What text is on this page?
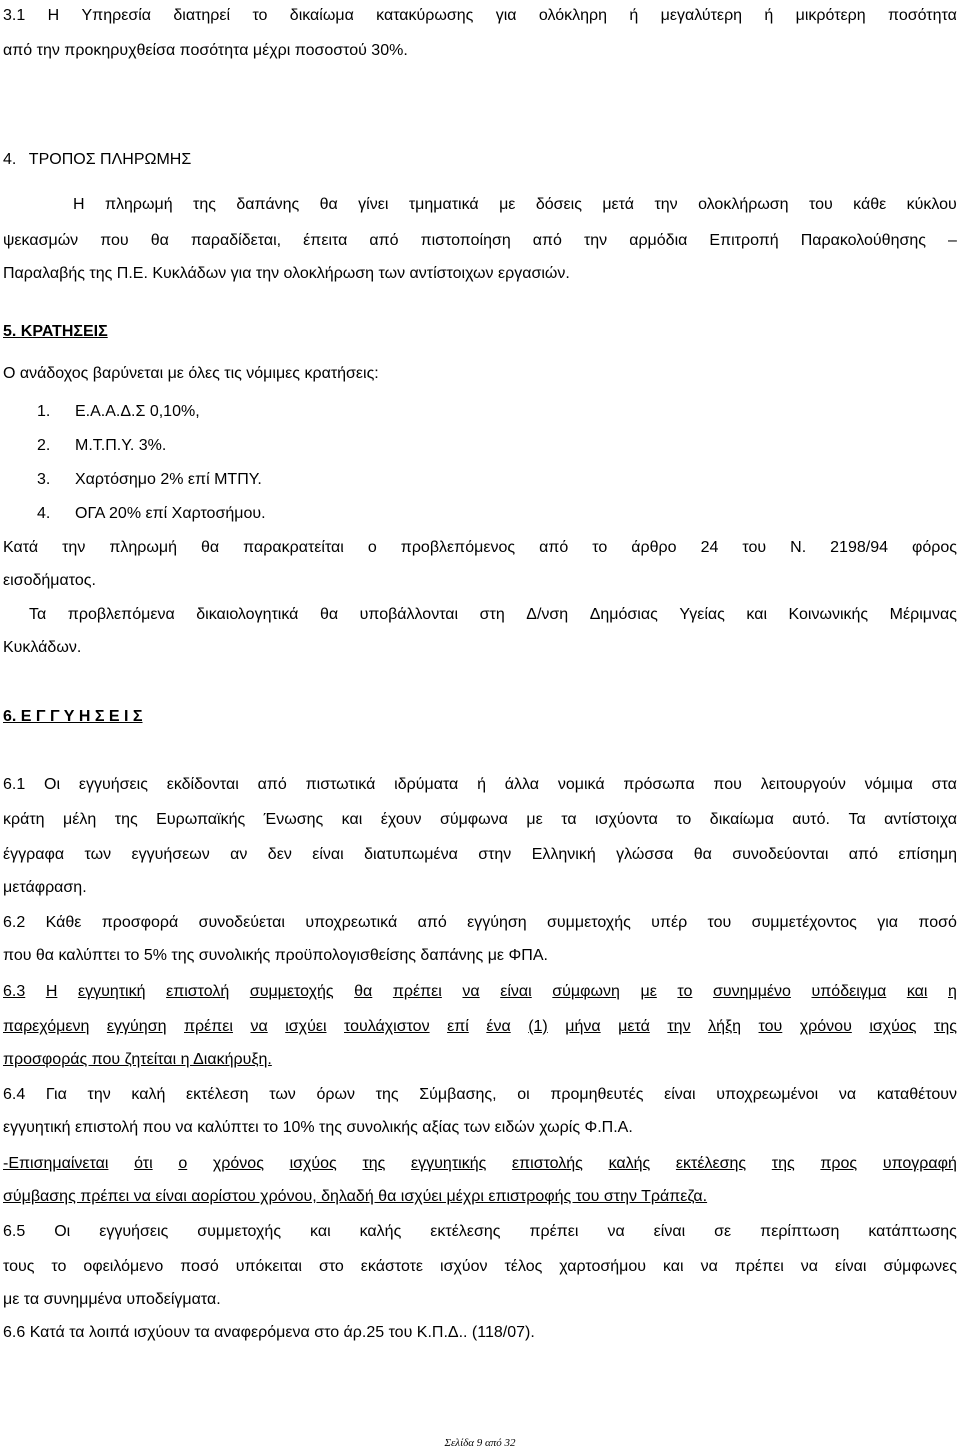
3.1 Η Υπηρεσία διατηρεί το δικαίωμα κατακύρωσης για ολόκληρη ή μεγαλύτερη ή μικρότερη ποσότητα
από την προκηρυχθείσα ποσότητα μέχρι ποσοστού 30%.
4. ΤΡΟΠΟΣ ΠΛΗΡΩΜΗΣ
Η πληρωμή της δαπάνης θα γίνει τμηματικά με δόσεις μετά την ολοκλήρωση του κάθε κύκλου
ψεκασμών που θα παραδίδεται, έπειτα από πιστοποίηση από την αρμόδια Επιτροπή Παρακολούθησης –
Παραλαβής της Π.Ε. Κυκλάδων για την ολοκλήρωση των αντίστοιχων εργασιών.
5. ΚΡΑΤΗΣΕΙΣ
Ο ανάδοχος βαρύνεται με όλες τις νόμιμες κρατήσεις:
1. Ε.Α.Α.Δ.Σ 0,10%,
2. Μ.Τ.Π.Υ. 3%.
3. Χαρτόσημο 2% επί ΜΤΠΥ.
4. ΟΓΑ 20% επί Χαρτοσήμου.
Κατά την πληρωμή θα παρακρατείται ο προβλεπόμενος από το άρθρο 24 του Ν. 2198/94 φόρος
εισοδήματος.
Τα προβλεπόμενα δικαιολογητικά θα υποβάλλονται στη Δ/νση Δημόσιας Υγείας και Κοινωνικής Μέριμνας
Κυκλάδων.
6. Ε Γ Γ Υ Η Σ Ε Ι Σ
6.1 Οι εγγυήσεις εκδίδονται από πιστωτικά ιδρύματα ή άλλα νομικά πρόσωπα που λειτουργούν νόμιμα στα
κράτη μέλη της Ευρωπαϊκής Ένωσης και έχουν σύμφωνα με τα ισχύοντα το δικαίωμα αυτό. Τα αντίστοιχα
έγγραφα των εγγυήσεων αν δεν είναι διατυπωμένα στην Ελληνική γλώσσα θα συνοδεύονται από επίσημη
μετάφραση.
6.2 Κάθε προσφορά συνοδεύεται υποχρεωτικά από εγγύηση συμμετοχής υπέρ του συμμετέχοντος για ποσό
που θα καλύπτει το 5% της συνολικής προϋπολογισθείσης δαπάνης με ΦΠΑ.
6.3 Η εγγυητική επιστολή συμμετοχής θα πρέπει να είναι σύμφωνη με το συνημμένο υπόδειγμα και η
παρεχόμενη εγγύηση πρέπει να ισχύει τουλάχιστον επί ένα (1) μήνα μετά την λήξη του χρόνου ισχύος της
προσφοράς που ζητείται η Διακήρυξη.
6.4 Για την καλή εκτέλεση των όρων της Σύμβασης, οι προμηθευτές είναι υποχρεωμένοι να καταθέτουν
εγγυητική επιστολή που να καλύπτει το 10% της συνολικής αξίας των ειδών χωρίς Φ.Π.Α.
-Επισημαίνεται ότι ο χρόνος ισχύος της εγγυητικής επιστολής καλής εκτέλεσης της προς υπογραφή
σύμβασης πρέπει να είναι αορίστου χρόνου, δηλαδή θα ισχύει μέχρι επιστροφής του στην Τράπεζα.
6.5 Οι εγγυήσεις συμμετοχής και καλής εκτέλεσης πρέπει να είναι σε περίπτωση κατάπτωσης
τους το οφειλόμενο ποσό υπόκειται στο εκάστοτε ισχύον τέλος χαρτοσήμου και να πρέπει να είναι σύμφωνες
με τα συνημμένα υποδείγματα.
6.6 Κατά τα λοιπά ισχύουν τα αναφερόμενα στο άρ.25 του Κ.Π.Δ.. (118/07).
Σελίδα 9 από 32
